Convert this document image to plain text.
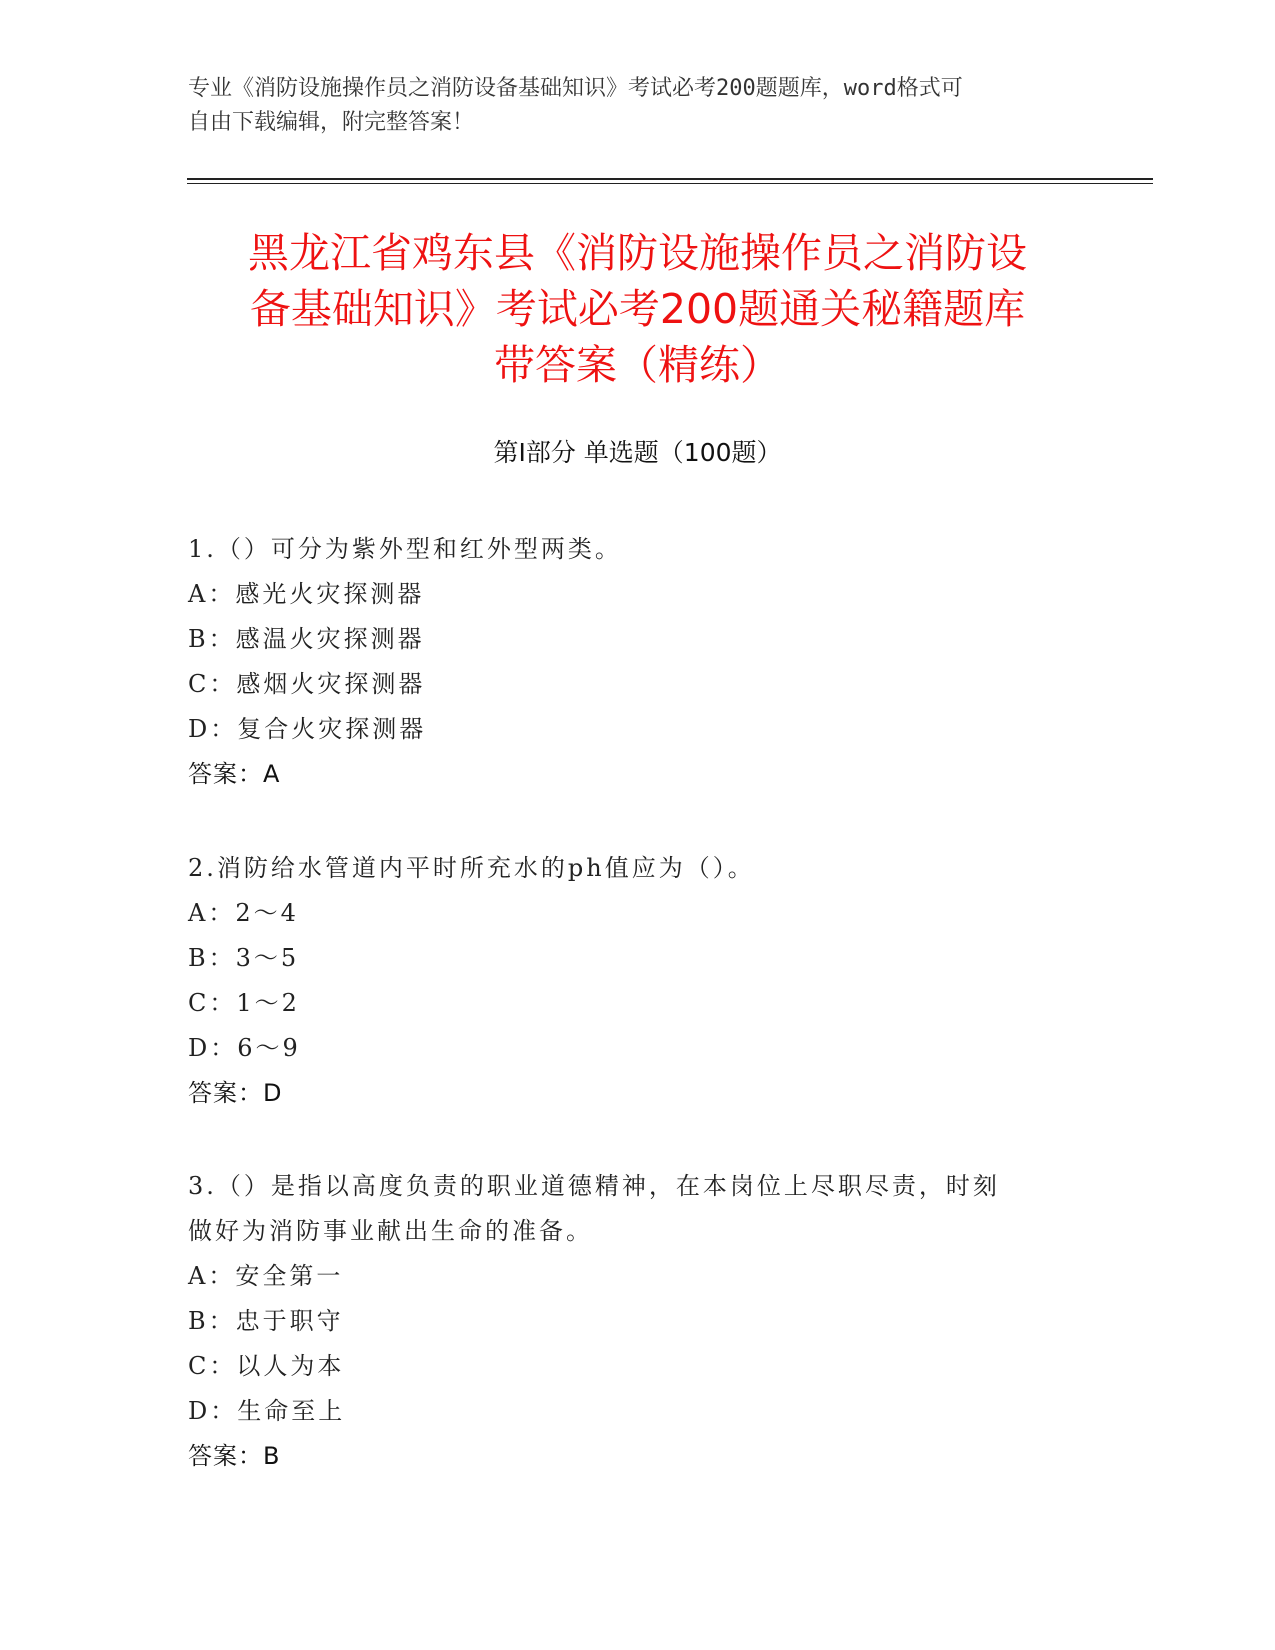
专业《消防设施操作员之消防设备基础知识》考试必考200题题库，word格式可
自由下载编辑，附完整答案！
黑龙江省鸡东县《消防设施操作员之消防设
备基础知识》考试必考200题通关秘籍题库
带答案（精练）
第Ⅰ部分 单选题（100题）
1.（）可分为紫外型和红外型两类。
A：感光火灾探测器
B：感温火灾探测器
C：感烟火灾探测器
D：复合火灾探测器
答案：A
2.消防给水管道内平时所充水的ph值应为（）。
A：2～4
B：3～5
C：1～2
D：6～9
答案：D
3.（）是指以高度负责的职业道德精神，在本岗位上尽职尽责，时刻
做好为消防事业献出生命的准备。
A：安全第一
B：忠于职守
C：以人为本
D：生命至上
答案：B
